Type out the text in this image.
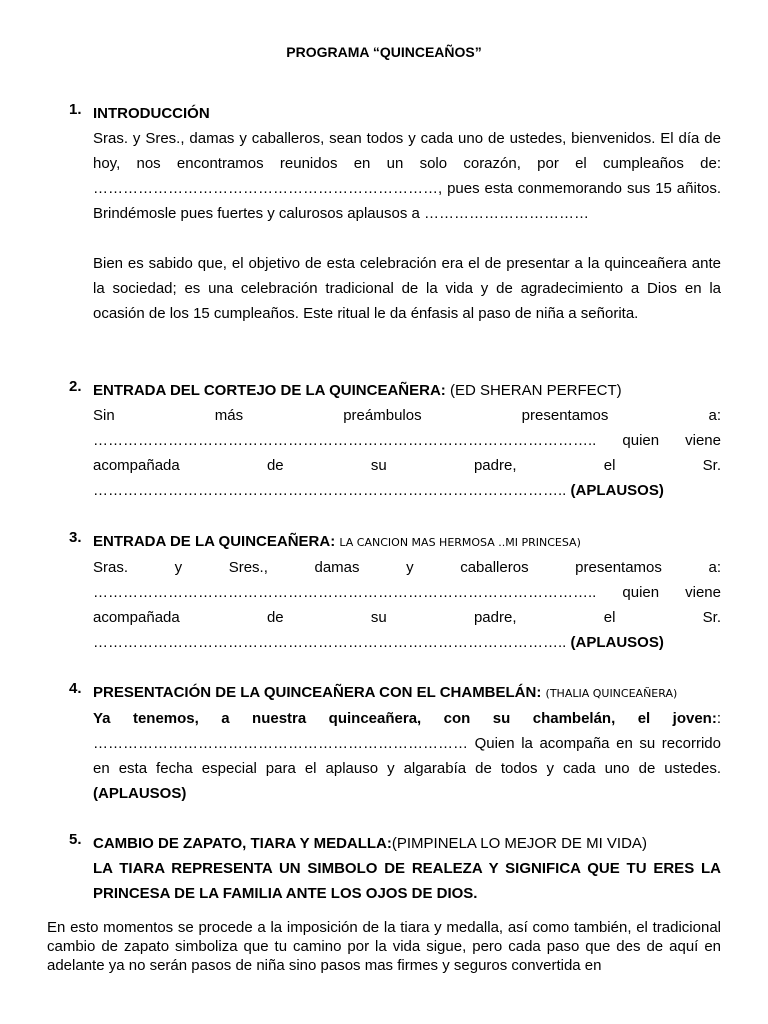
PROGRAMA “QUINCEAÑOS”
1. INTRODUCCIÓN

Sras. y Sres., damas y caballeros, sean todos y cada uno de ustedes, bienvenidos. El día de hoy, nos encontramos reunidos en un solo corazón, por el cumpleaños de: ……………………………………………………………, pues esta conmemorando sus 15 añitos. Brindémosle pues fuertes y calurosos aplausos a ……………………………

Bien es sabido que, el objetivo de esta celebración era el de presentar a la quinceañera ante la sociedad; es una celebración tradicional de la vida y de agradecimiento a Dios en la ocasión de los 15 cumpleaños. Este ritual le da énfasis al paso de niña a señorita.

2. ENTRADA DEL CORTEJO DE LA QUINCEAÑERA: (ED SHERAN PERFECT)
Sin más preámbulos presentamos a:
……………………………………………………………………………………….. quien viene
acompañada de su padre, el Sr.
………………………………………………………………………………….. (APLAUSOS)
3. ENTRADA DE LA QUINCEAÑERA: LA CANCION MAS HERMOSA ..MI PRINCESA)
Sras. y Sres., damas y caballeros presentamos a:
……………………………………………………………………………………….. quien viene
acompañada de su padre, el Sr.
………………………………………………………………………………….. (APLAUSOS)
4. PRESENTACIÓN DE LA QUINCEAÑERA CON EL CHAMBELÁN: (THALIA QUINCEAÑERA)

Ya tenemos, a nuestra quinceañera, con su chambelán, el joven:: ………………………………………………………………… Quien la acompaña en su recorrido en esta fecha especial para el aplauso y algarabía de todos y cada uno de ustedes. (APLAUSOS)

5. CAMBIO DE ZAPATO, TIARA Y MEDALLA:(PIMPINELA LO MEJOR DE MI VIDA)

LA TIARA REPRESENTA UN SIMBOLO DE REALEZA Y SIGNIFICA QUE TU ERES LA PRINCESA DE LA FAMILIA ANTE LOS OJOS DE DIOS.

En esto momentos se procede a la imposición de la tiara y medalla, así como también, el tradicional cambio de zapato simboliza que tu camino por la vida sigue, pero cada paso que des de aquí en adelante ya no serán pasos de niña sino pasos mas firmes y seguros convertida en
